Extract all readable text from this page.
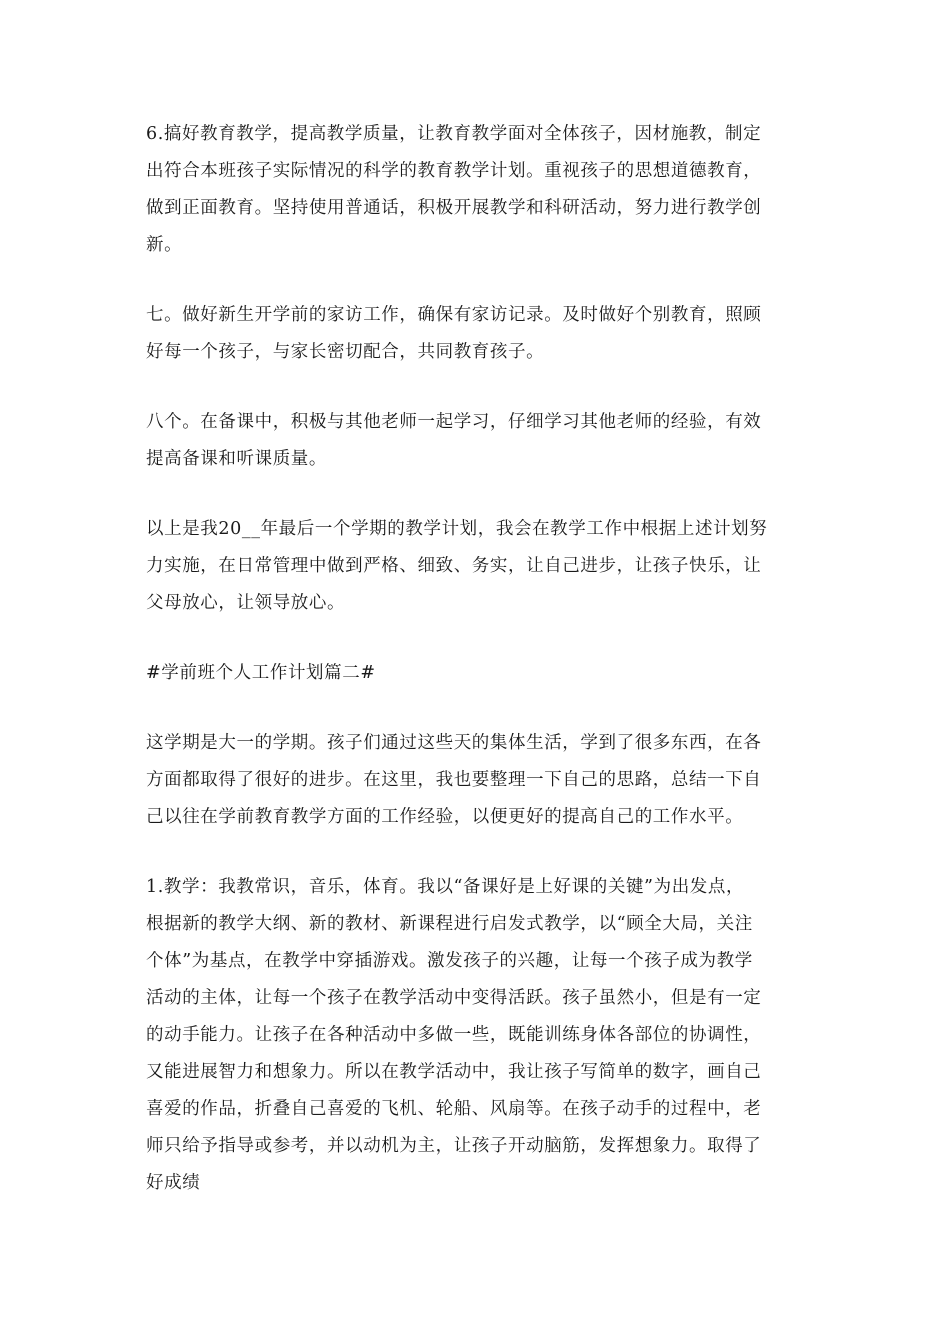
6.搞好教育教学，提高教学质量，让教育教学面对全体孩子，因材施教，制定
出符合本班孩子实际情况的科学的教育教学计划。重视孩子的思想道德教育，
做到正面教育。坚持使用普通话，积极开展教学和科研活动，努力进行教学创
新。

七。做好新生开学前的家访工作，确保有家访记录。及时做好个别教育，照顾
好每一个孩子，与家长密切配合，共同教育孩子。

八个。在备课中，积极与其他老师一起学习，仔细学习其他老师的经验，有效
提高备课和听课质量。

以上是我20__年最后一个学期的教学计划，我会在教学工作中根据上述计划努
力实施，在日常管理中做到严格、细致、务实，让自己进步，让孩子快乐，让
父母放心，让领导放心。

#学前班个人工作计划篇二#

这学期是大一的学期。孩子们通过这些天的集体生活，学到了很多东西，在各
方面都取得了很好的进步。在这里，我也要整理一下自己的思路，总结一下自
己以往在学前教育教学方面的工作经验，以便更好的提高自己的工作水平。

1.教学：我教常识，音乐，体育。我以“备课好是上好课的关键”为出发点，
根据新的教学大纲、新的教材、新课程进行启发式教学，以“顾全大局，关注
个体”为基点，在教学中穿插游戏。激发孩子的兴趣，让每一个孩子成为教学
活动的主体，让每一个孩子在教学活动中变得活跃。孩子虽然小，但是有一定
的动手能力。让孩子在各种活动中多做一些，既能训练身体各部位的协调性，
又能进展智力和想象力。所以在教学活动中，我让孩子写简单的数字，画自己
喜爱的作品，折叠自己喜爱的飞机、轮船、风扇等。在孩子动手的过程中，老
师只给予指导或参考，并以动机为主，让孩子开动脑筋，发挥想象力。取得了
好成绩
